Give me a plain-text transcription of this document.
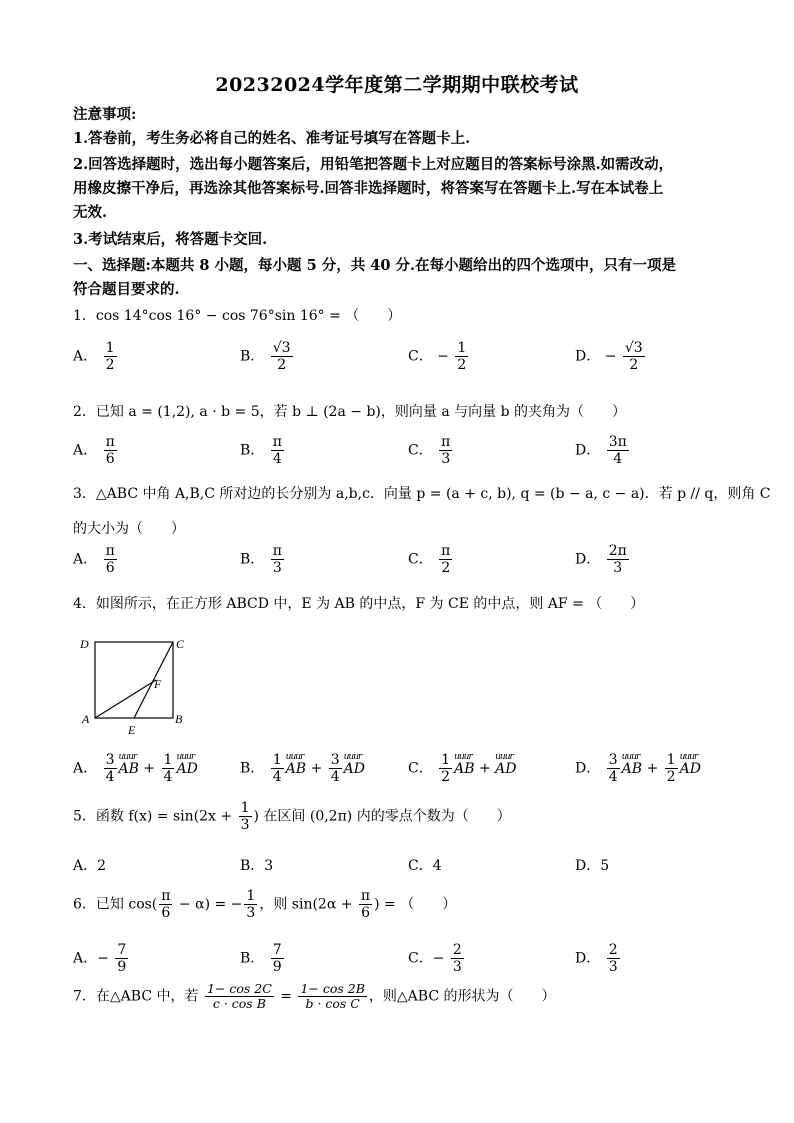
20232024学年度第二学期期中联校考试
注意事项:
1.答卷前，考生务必将自己的姓名、准考证号填写在答题卡上.
2.回答选择题时，选出每小题答案后，用铅笔把答题卡上对应题目的答案标号涂黑.如需改动，
用橡皮擦干净后，再选涂其他答案标号.回答非选择题时，将答案写在答题卡上.写在本试卷上
无效.
3.考试结束后，将答题卡交回.
一、选择题:本题共 8 小题，每小题 5 分，共 40 分.在每小题给出的四个选项中，只有一项是
符合题目要求的.
1．cos 14°cos 16° − cos 76°sin 16° = （　　）
A． $\frac{1}{2}$	B． $\frac{√3}{2}$	C． − $\frac{1}{2}$	D． − $\frac{√3}{2}$
2．已知 a = (1,2), a · b = 5，若 b ⊥ (2a − b)，则向量 a 与向量 b 的夹角为（　　）
A． $\frac{\pi}{6}$	B． $\frac{\pi}{4}$	C． $\frac{\pi}{3}$	D． $\frac{3\pi}{4}$
3．△ABC 中角 A,B,C 所对边的长分别为 a,b,c．向量 p = (a + c, b), q = (b − a, c − a)．若 p // q，则角 C
的大小为（　　）
A． $\frac{\pi}{6}$	B． $\frac{\pi}{3}$	C． $\frac{\pi}{2}$	D． $\frac{2\pi}{3}$
4．如图所示，在正方形 ABCD 中，E 为 AB 的中点，F 为 CE 的中点，则 AF = （　　）
D	C
F
A
E
B
A． $\frac{3}{4}$ uuur AB + $\frac{1}{4}$ uuur AD	B． $\frac{1}{4}$ uuur AB + $\frac{3}{4}$ uuur AD	C． $\frac{1}{2}$ uuur AB + uuur AD	D． $\frac{3}{4}$ uuur AB + $\frac{1}{2}$ uuur AD
5．函数 $f(x) = \sin(2x + \frac{1}{3}$ ) 在区间 (0,2π) 内的零点个数为（　　）
A．2	B．3	C．4	D．5
6．已知 $\cos( \frac{\pi}{6} - \alpha)$ = − $\frac{1}{3}$ ，则 $\sin(2\alpha + \frac{\pi}{6}$ ) = （　　）
A．− $\frac{7}{9}$	B． $\frac{7}{9}$	C．− $\frac{2}{3}$	D． $\frac{2}{3}$
7．在△ABC 中，若 $\frac{1- \cos 2C}{\text{c · cos B}} = \frac{1- \cos 2B}{\text{b · cos C}}$ ，则△ABC 的形状为（　　）
